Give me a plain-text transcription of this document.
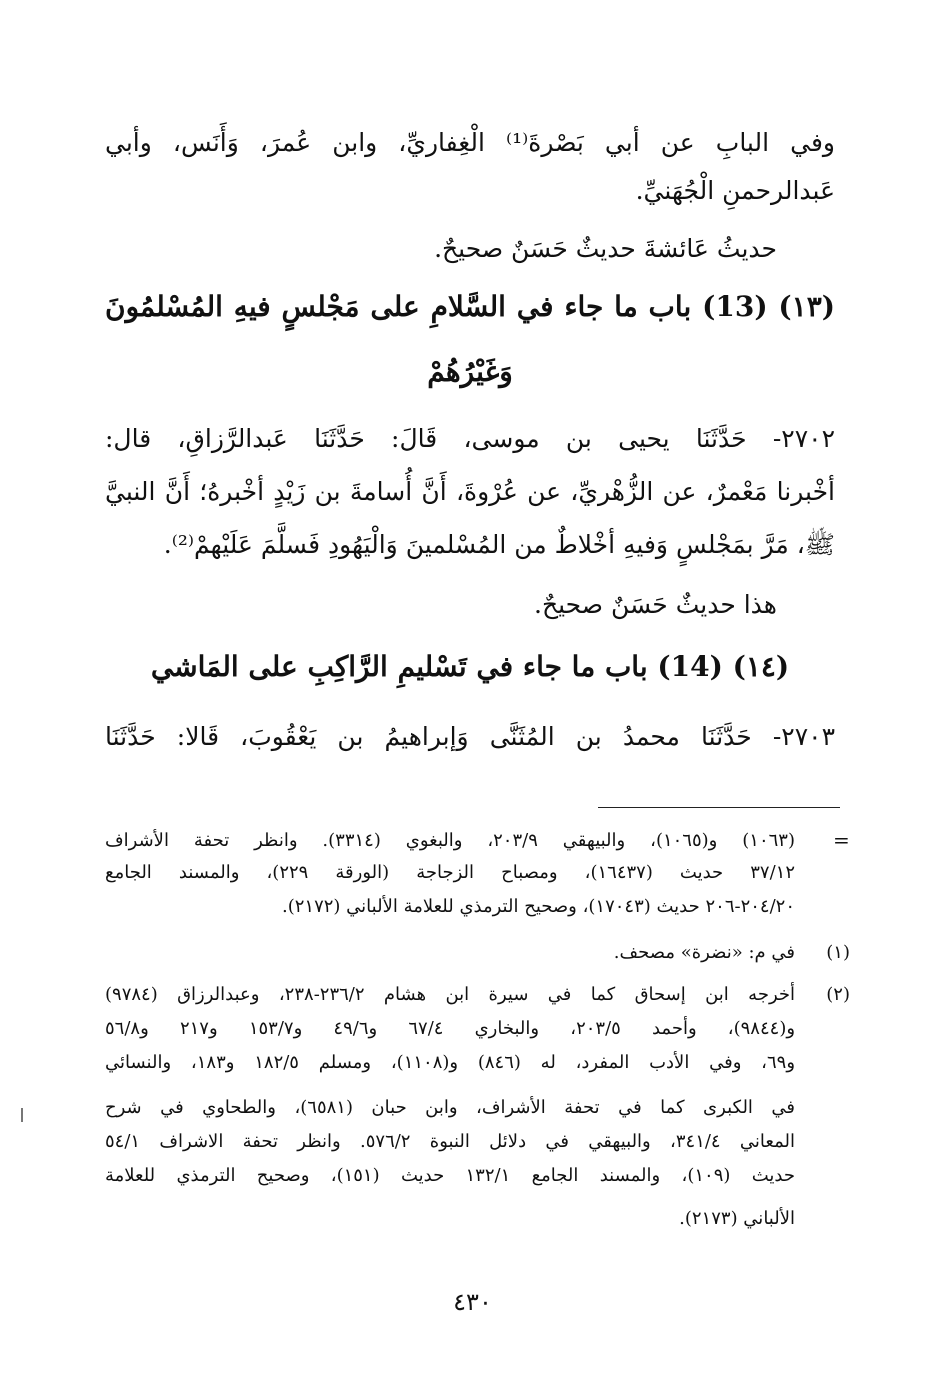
وفي البابِ عن أبي بَصْرةَ⁽¹⁾ الْغِفاريِّ، وابن عُمرَ، وَأَنَس، وأبي
عَبدالرحمنِ الْجُهَنيِّ.
حديثُ عَائشةَ حديثٌ حَسَنٌ صحيحٌ.
(١٣) (13) باب ما جاء في السَّلامِ على مَجْلسٍ فيهِ المُسْلمُونَ
وَغَيْرُهُمْ
٢٧٠٢- حَدَّثَنَا يحيى بن موسى، قَالَ: حَدَّثَنَا عَبدالرَّزاقِ، قال:
أخْبرنا مَعْمرٌ، عن الزُّهْريِّ، عن عُرْوةَ، أَنَّ أُسامةَ بن زَيْدٍ أخْبرهُ؛ أَنَّ النبيَّ
ﷺ، مَرَّ بمَجْلسٍ وَفيهِ أخْلاطٌ من المُسْلمينَ وَالْيَهُودِ فَسلَّمَ عَلَيْهمْ⁽²⁾.
هذا حديثٌ حَسَنٌ صحيحٌ.
(١٤) (14) باب ما جاء في تَسْليمِ الرَّاكِبِ على المَاشي
٢٧٠٣- حَدَّثَنَا محمدُ بن المُثَنَّى وَإبراهيمُ بن يَعْقُوبَ، قَالا: حَدَّثَنَا
=
(١٠٦٣) و(١٠٦٥)، والبيهقي ٢٠٣/٩، والبغوي (٣٣١٤). وانظر تحفة الأشراف
٣٧/١٢ حديث (١٦٤٣٧)، ومصباح الزجاجة (الورقة ٢٢٩)، والمسند الجامع
٢٠٤/٢٠-٢٠٦ حديث (١٧٠٤٣)، وصحيح الترمذي للعلامة الألباني (٢١٧٢).
(١)
في م: «نضرة» مصحف.
(٢)
أخرجه ابن إسحاق كما في سيرة ابن هشام ٢٣٦/٢-٢٣٨، وعبدالرزاق (٩٧٨٤)
و(٩٨٤٤)، وأحمد ٢٠٣/٥، والبخاري ٦٧/٤ و٤٩/٦ و١٥٣/٧ و٢١٧ و٥٦/٨
و٦٩، وفي الأدب المفرد، له (٨٤٦) و(١١٠٨)، ومسلم ١٨٢/٥ و١٨٣، والنسائي
في الكبرى كما في تحفة الأشراف، وابن حبان (٦٥٨١)، والطحاوي في شرح
المعاني ٣٤١/٤، والبيهقي في دلائل النبوة ٥٧٦/٢. وانظر تحفة الاشراف ٥٤/١
حديث (١٠٩)، والمسند الجامع ١٣٢/١ حديث (١٥١)، وصحيح الترمذي للعلامة
الألباني (٢١٧٣).
٤٣٠
